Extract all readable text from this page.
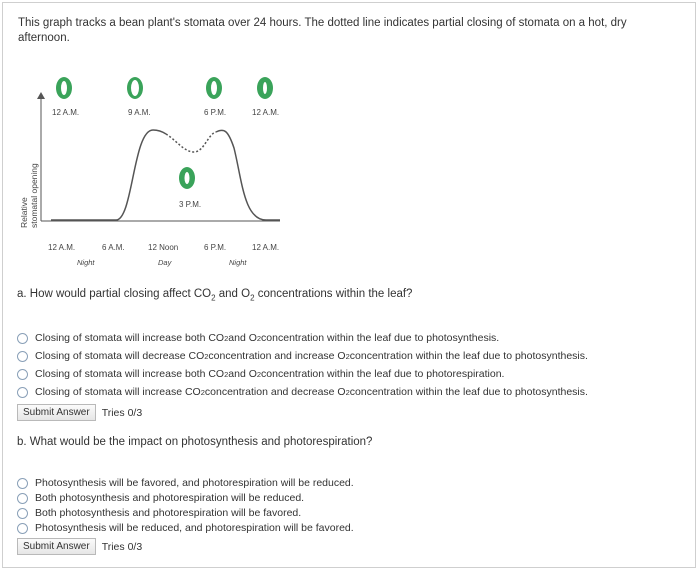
This graph tracks a bean plant's stomata over 24 hours. The dotted line indicates partial closing of stomata on a hot, dry afternoon.
Relative stomatal opening
12 A.M.	9 A.M.	6 P.M.	12 A.M.
3 P.M.
12 A.M.	6 A.M.	12 Noon	6 P.M.	12 A.M.
Night	Day	Night
a. How would partial closing affect $CO_2$ and $O_2$ concentrations within the leaf?
Closing of stomata will increase both CO 2 and O 2 concentration within the leaf due to photosynthesis.
Closing of stomata will decrease CO 2 concentration and increase O 2 concentration within the leaf due to photosynthesis.
Closing of stomata will increase both CO 2 and O 2 concentration within the leaf due to photorespiration.
Closing of stomata will increase CO 2 concentration and decrease O 2 concentration within the leaf due to photosynthesis.
Submit Answer	Tries 0/3
b. What would be the impact on photosynthesis and photorespiration?
Photosynthesis will be favored, and photorespiration will be reduced.
Both photosynthesis and photorespiration will be reduced.
Both photosynthesis and photorespiration will be favored.
Photosynthesis will be reduced, and photorespiration will be favored.
Submit Answer	Tries 0/3
